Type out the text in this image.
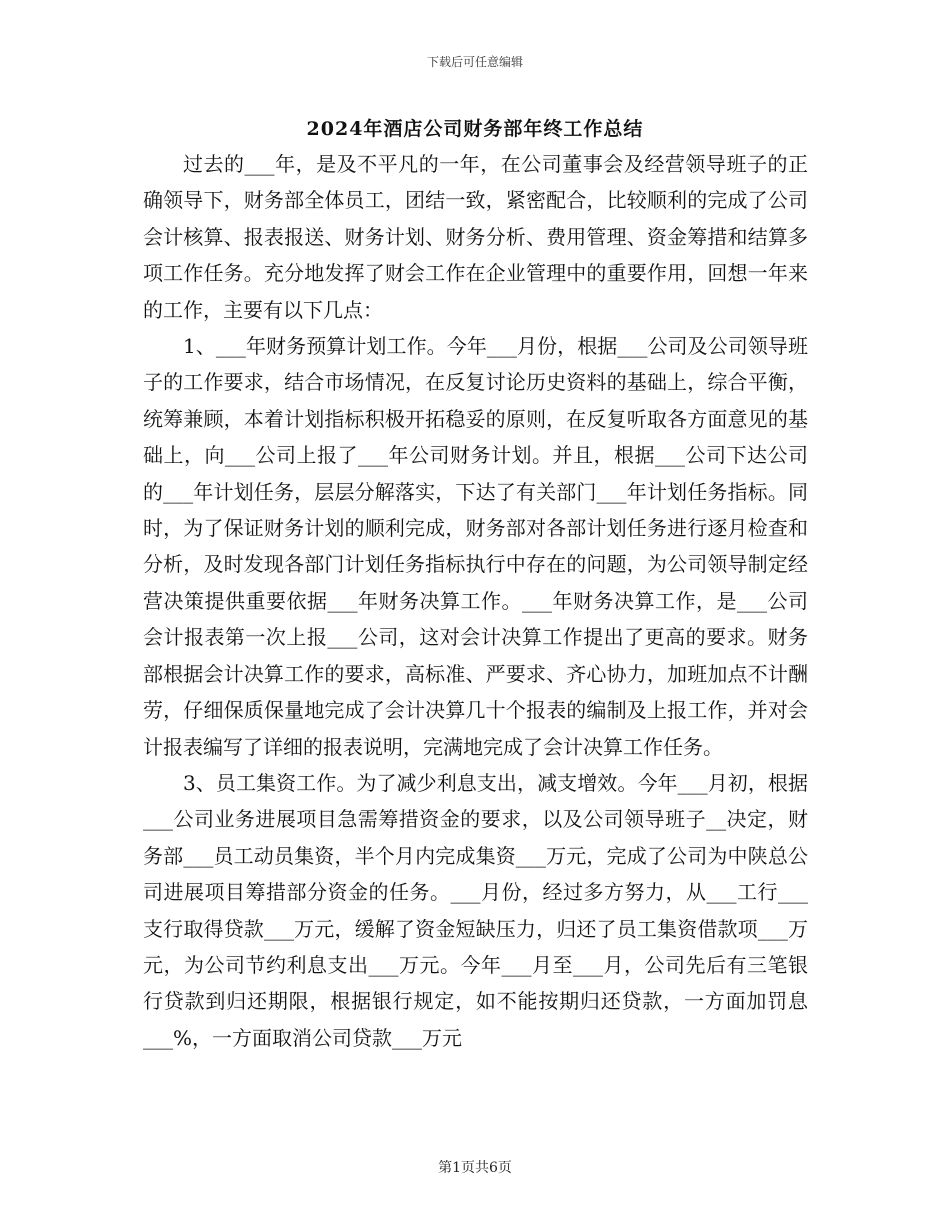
下载后可任意编辑
2024年酒店公司财务部年终工作总结

过去的___年，是及不平凡的一年，在公司董事会及经营领导班子的正确领导下，财务部全体员工，团结一致，紧密配合，比较顺利的完成了公司会计核算、报表报送、财务计划、财务分析、费用管理、资金筹措和结算多项工作任务。充分地发挥了财会工作在企业管理中的重要作用，回想一年来的工作，主要有以下几点：

1、___年财务预算计划工作。今年___月份，根据___公司及公司领导班子的工作要求，结合市场情况，在反复讨论历史资料的基础上，综合平衡，统筹兼顾，本着计划指标积极开拓稳妥的原则，在反复听取各方面意见的基础上，向___公司上报了___年公司财务计划。并且，根据___公司下达公司的___年计划任务，层层分解落实，下达了有关部门___年计划任务指标。同时，为了保证财务计划的顺利完成，财务部对各部计划任务进行逐月检查和分析，及时发现各部门计划任务指标执行中存在的问题，为公司领导制定经营决策提供重要依据___年财务决算工作。___年财务决算工作，是___公司会计报表第一次上报___公司，这对会计决算工作提出了更高的要求。财务部根据会计决算工作的要求，高标准、严要求、齐心协力，加班加点不计酬劳，仔细保质保量地完成了会计决算几十个报表的编制及上报工作，并对会计报表编写了详细的报表说明，完满地完成了会计决算工作任务。

3、员工集资工作。为了减少利息支出，减支增效。今年___月初，根据___公司业务进展项目急需筹措资金的要求，以及公司领导班子__决定，财务部___员工动员集资，半个月内完成集资___万元，完成了公司为中陕总公司进展项目筹措部分资金的任务。___月份，经过多方努力，从___工行___支行取得贷款___万元，缓解了资金短缺压力，归还了员工集资借款项___万元，为公司节约利息支出___万元。今年___月至___月，公司先后有三笔银行贷款到归还期限，根据银行规定，如不能按期归还贷款，一方面加罚息___%，一方面取消公司贷款___万元

第1页共6页
